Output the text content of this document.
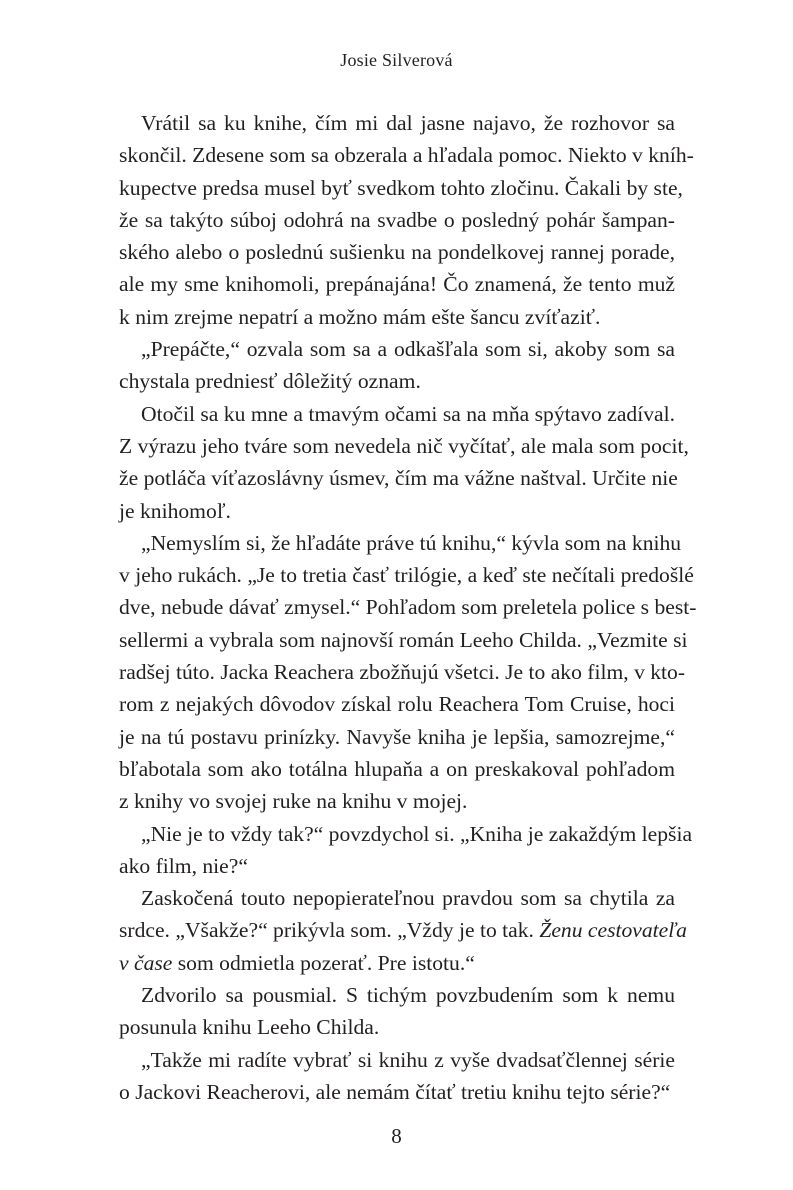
Josie Silverová
Vrátil sa ku knihe, čím mi dal jasne najavo, že rozhovor sa
skončil. Zdesene som sa obzerala a hľadala pomoc. Niekto v kníh-
kupectve predsa musel byť svedkom tohto zločinu. Čakali by ste,
že sa takýto súboj odohrá na svadbe o posledný pohár šampan-
ského alebo o poslednú sušienku na pondelkovej rannej porade,
ale my sme knihomoli, prepánajána! Čo znamená, že tento muž
k nim zrejme nepatrí a možno mám ešte šancu zvíťaziť.
„Prepáčte,“ ozvala som sa a odkašľala som si, akoby som sa
chystala predniesť dôležitý oznam.
Otočil sa ku mne a tmavým očami sa na mňa spýtavo zadíval.
Z výrazu jeho tváre som nevedela nič vyčítať, ale mala som pocit,
že potláča víťazoslávny úsmev, čím ma vážne naštval. Určite nie
je knihomoľ.
„Nemyslím si, že hľadáte práve tú knihu,“ kývla som na knihu
v jeho rukách. „Je to tretia časť trilógie, a keď ste nečítali predošlé
dve, nebude dávať zmysel.“ Pohľadom som preletela police s best-
sellermi a vybrala som najnovší román Leeho Childa. „Vezmite si
radšej túto. Jacka Reachera zbožňujú všetci. Je to ako film, v kto-
rom z nejakých dôvodov získal rolu Reachera Tom Cruise, hoci
je na tú postavu prinízky. Navyše kniha je lepšia, samozrejme,“
bľabotala som ako totálna hlupaňa a on preskakoval pohľadom
z knihy vo svojej ruke na knihu v mojej.
„Nie je to vždy tak?“ povzdychol si. „Kniha je zakaždým lepšia
ako film, nie?“
Zaskočená touto nepopierateľnou pravdou som sa chytila za
srdce. „Všakže?“ prikývla som. „Vždy je to tak. Ženu cestovateľa
v čase som odmietla pozerať. Pre istotu.“
Zdvorilo sa pousmial. S tichým povzbudením som k nemu
posunula knihu Leeho Childa.
„Takže mi radíte vybrať si knihu z vyše dvadsaťčlennej série
o Jackovi Reacherovi, ale nemám čítať tretiu knihu tejto série?“
8
